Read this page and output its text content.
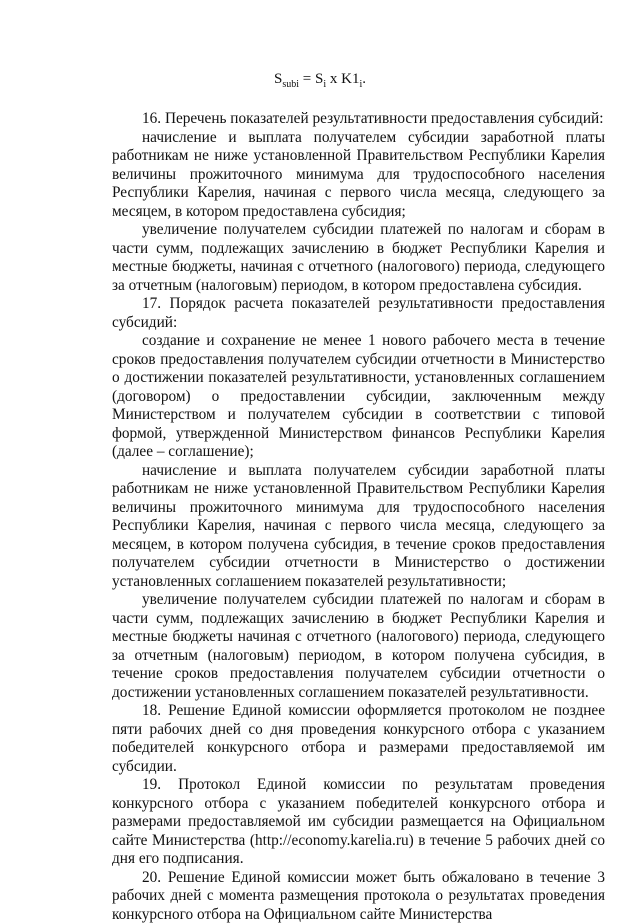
$S_{subi} = S_i$ x $K1_i$.

16. Перечень показателей результативности предоставления субсидий:

начисление и выплата получателем субсидии заработной платы работникам не ниже установленной Правительством Республики Карелия величины прожиточного минимума для трудоспособного населения Республики Карелия, начиная с первого числа месяца, следующего за месяцем, в котором предоставлена субсидия;

увеличение получателем субсидии платежей по налогам и сборам в части сумм, подлежащих зачислению в бюджет Республики Карелия и местные бюджеты, начиная с отчетного (налогового) периода, следующего за отчетным (налоговым) периодом, в котором предоставлена субсидия.

17. Порядок расчета показателей результативности предоставления субсидий:

создание и сохранение не менее 1 нового рабочего места в течение сроков предоставления получателем субсидии отчетности в Министерство о достижении показателей результативности, установленных соглашением (договором) о предоставлении субсидии, заключенным между Министерством и получателем субсидии в соответствии с типовой формой, утвержденной Министерством финансов Республики Карелия (далее – соглашение);

начисление и выплата получателем субсидии заработной платы работникам не ниже установленной Правительством Республики Карелия величины прожиточного минимума для трудоспособного населения Республики Карелия, начиная с первого числа месяца, следующего за месяцем, в котором получена субсидия, в течение сроков предоставления получателем субсидии отчетности в Министерство о достижении установленных соглашением показателей результативности;

увеличение получателем субсидии платежей по налогам и сборам в части сумм, подлежащих зачислению в бюджет Республики Карелия и местные бюджеты начиная с отчетного (налогового) периода, следующего за отчетным (налоговым) периодом, в котором получена субсидия, в течение сроков предоставления получателем субсидии отчетности о достижении установленных соглашением показателей результативности.

18. Решение Единой комиссии оформляется протоколом не позднее пяти рабочих дней со дня проведения конкурсного отбора с указанием победителей конкурсного отбора и размерами предоставляемой им субсидии.

19. Протокол Единой комиссии по результатам проведения конкурсного отбора с указанием победителей конкурсного отбора и размерами предоставляемой им субсидии размещается на Официальном сайте Министерства (http://economy.karelia.ru) в течение 5 рабочих дней со дня его подписания.

20. Решение Единой комиссии может быть обжаловано в течение 3 рабочих дней с момента размещения протокола о результатах проведения конкурсного отбора на Официальном сайте Министерства
